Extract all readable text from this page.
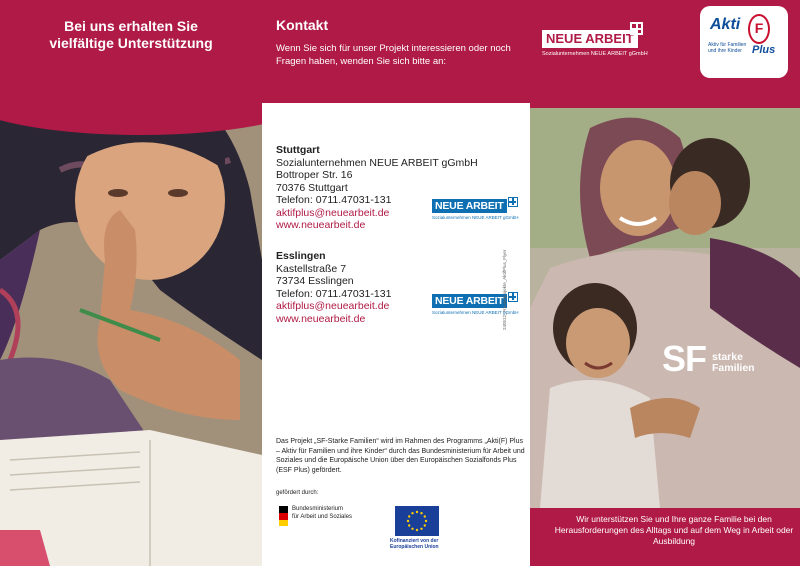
Bei uns erhalten Sie
vielfältige Unterstützung
Kontakt

Wenn Sie sich für unser Projekt interessieren oder noch Fragen haben, wenden Sie sich bitte an:

Stuttgart
Sozialunternehmen NEUE ARBEIT gGmbH
Bottroper Str. 16
70376 Stuttgart
Telefon: 0711.47031-131
aktifplus@neuearbeit.de
www.neuearbeit.de
NEUE ARBEIT
Sozialunternehmen NEUE ARBEIT gGmbH
Esslingen
Kastellstraße 7
73734 Esslingen
Telefon: 0711.47031-131
aktifplus@neuearbeit.de
www.neuearbeit.de
NEUE ARBEIT
Sozialunternehmen NEUE ARBEIT gGmbH
240512_Frauenprojekte_AktifPlus_Flyer

Das Projekt „SF-Starke Familien“ wird im Rahmen des Programms „Akti(F) Plus – Aktiv für Familien und ihre Kinder“ durch das Bundesministerium für Arbeit und Soziales und die Europäische Union über den Europäischen Sozialfonds Plus (ESF Plus) gefördert.

gefördert durch:
Bundesministerium
für Arbeit und Soziales
Kofinanziert von der
Europäischen Union
NEUE ARBEIT
Sozialunternehmen NEUE ARBEIT gGmbH
Akti	F
Aktiv für Familien
und ihre Kinder Plus
SF starke
Familien

Wir unterstützen Sie und Ihre ganze Familie bei den Herausforderungen des Alltags und auf dem Weg in Arbeit oder Ausbildung
